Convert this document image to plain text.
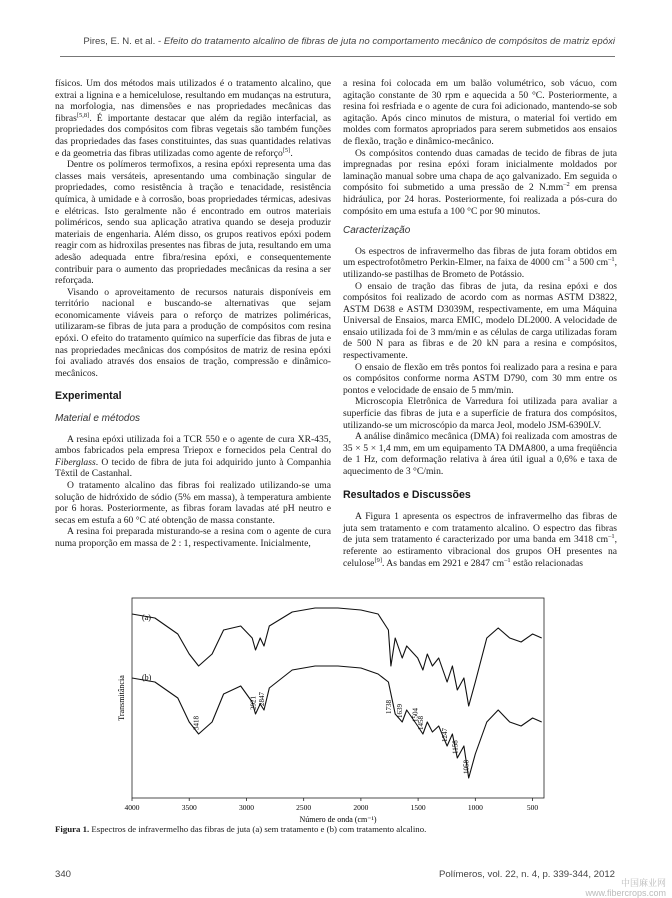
Pires, E. N. et al. - Efeito do tratamento alcalino de fibras de juta no comportamento mecânico de compósitos de matriz epóxi

físicos. Um dos métodos mais utilizados é o tratamento alcalino, que extrai a lignina e a hemicelulose, resultando em mudanças na estrutura, na morfologia, nas dimensões e nas propriedades mecânicas das fibras[5,8]. É importante destacar que além da região interfacial, as propriedades dos compósitos com fibras vegetais são também funções das propriedades das fases constituintes, das suas quantidades relativas e da geometria das fibras utilizadas como agente de reforço[5].

Dentre os polímeros termofixos, a resina epóxi representa uma das classes mais versáteis, apresentando uma combinação singular de propriedades, como resistência à tração e tenacidade, resistência química, à umidade e à corrosão, boas propriedades térmicas, adesivas e elétricas. Isto geralmente não é encontrado em outros materiais poliméricos, sendo sua aplicação atrativa quando se deseja produzir materiais de engenharia. Além disso, os grupos reativos epóxi podem reagir com as hidroxilas presentes nas fibras de juta, resultando em uma adesão adequada entre fibra/resina epóxi, e consequentemente contribuir para o aumento das propriedades mecânicas da resina a ser reforçada.

Visando o aproveitamento de recursos naturais disponíveis em território nacional e buscando-se alternativas que sejam economicamente viáveis para o reforço de matrizes poliméricas, utilizaram-se fibras de juta para a produção de compósitos com resina epóxi. O efeito do tratamento químico na superfície das fibras de juta e nas propriedades mecânicas dos compósitos de matriz de resina epóxi foi avaliado através dos ensaios de tração, compressão e dinâmico-mecânicos.

Experimental
Material e métodos

A resina epóxi utilizada foi a TCR 550 e o agente de cura XR-435, ambos fabricados pela empresa Triepox e fornecidos pela Central do Fiberglass. O tecido de fibra de juta foi adquirido junto à Companhia Têxtil de Castanhal.

O tratamento alcalino das fibras foi realizado utilizando-se uma solução de hidróxido de sódio (5% em massa), à temperatura ambiente por 6 horas. Posteriormente, as fibras foram lavadas até pH neutro e secas em estufa a 60 °C até obtenção de massa constante.

A resina foi preparada misturando-se a resina com o agente de cura numa proporção em massa de 2 : 1, respectivamente. Inicialmente,

a resina foi colocada em um balão volumétrico, sob vácuo, com agitação constante de 30 rpm e aquecida a 50 °C. Posteriormente, a resina foi resfriada e o agente de cura foi adicionado, mantendo-se sob agitação. Após cinco minutos de mistura, o material foi vertido em moldes com formatos apropriados para serem submetidos aos ensaios de flexão, tração e dinâmico-mecânico.

Os compósitos contendo duas camadas de tecido de fibras de juta impregnadas por resina epóxi foram inicialmente moldados por laminação manual sobre uma chapa de aço galvanizado. Em seguida o compósito foi submetido a uma pressão de 2 $N.mm^{-2}$ em prensa hidráulica, por 24 horas. Posteriormente, foi realizada a pós-cura do compósito em uma estufa a 100 °C por 90 minutos.

Caracterização

Os espectros de infravermelho das fibras de juta foram obtidos em um espectrofotômetro Perkin-Elmer, na faixa de 4000 $cm^{-1}$ a 500 $cm^{-1}$, utilizando-se pastilhas de Brometo de Potássio.

O ensaio de tração das fibras de juta, da resina epóxi e dos compósitos foi realizado de acordo com as normas ASTM D3822, ASTM D638 e ASTM D3039M, respectivamente, em uma Máquina Universal de Ensaios, marca EMIC, modelo DL2000. A velocidade de ensaio utilizada foi de 3 mm/min e as células de carga utilizadas foram de 500 N para as fibras e de 20 kN para a resina e compósitos, respectivamente.

O ensaio de flexão em três pontos foi realizado para a resina e para os compósitos conforme norma ASTM D790, com 30 mm entre os pontos e velocidade de ensaio de 5 mm/min.

Microscopia Eletrônica de Varredura foi utilizada para avaliar a superfície das fibras de juta e a superfície de fratura dos compósitos, utilizando-se um microscópio da marca Jeol, modelo JSM-6390LV.

A análise dinâmico mecânica (DMA) foi realizada com amostras de 35 × 5 × 1,4 mm, em um equipamento TA DMA800, a uma freqüência de 1 Hz, com deformação relativa à área útil igual a 0,6% e taxa de aquecimento de 3 °C/min.

Resultados e Discussões

A Figura 1 apresenta os espectros de infravermelho das fibras de juta sem tratamento e com tratamento alcalino. O espectro das fibras de juta sem tratamento é caracterizado por uma banda em 3418 $cm^{-1}$, referente ao estiramento vibracional dos grupos OH presentes na celulose[9]. As bandas em 2921 e 2847 $cm^{-1}$ estão relacionadas

4000	3500	3000	2500	2000	1500	1000	500
3418
2921 2847
1738 1639 1504
1458
1247
1158
1058
Transmitância
Número de onda (cm⁻¹)
(a)
(b)
Figura 1. Espectros de infravermelho das fibras de juta (a) sem tratamento e (b) com tratamento alcalino.
340	Polímeros, vol. 22, n. 4, p. 339-344, 2012
中国麻业网
www.fibercrops.com
